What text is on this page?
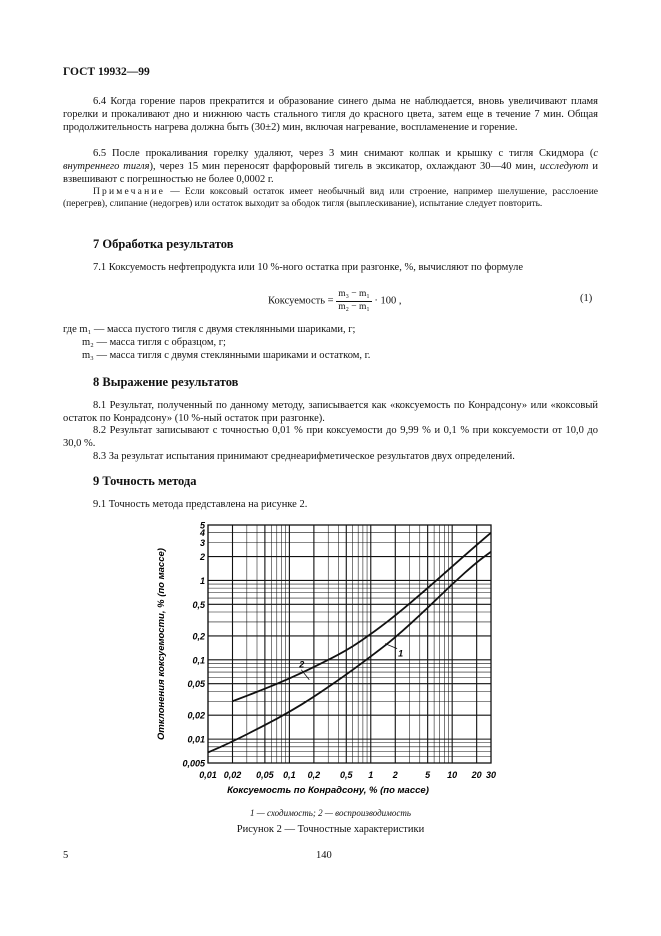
ГОСТ 19932—99
6.4 Когда горение паров прекратится и образование синего дыма не наблюдается, вновь увеличивают пламя горелки и прокаливают дно и нижнюю часть стального тигля до красного цвета, затем еще в течение 7 мин. Общая продолжительность нагрева должна быть (30±2) мин, включая нагревание, воспламенение и горение.
6.5 После прокаливания горелку удаляют, через 3 мин снимают колпак и крышку с тигля Скидмора (с внутреннего тигля), через 15 мин переносят фарфоровый тигель в эксикатор, охлаждают 30—40 мин, исследуют и взвешивают с погрешностью не более 0,0002 г.
Примечание — Если коксовый остаток имеет необычный вид или строение, например шелушение, расслоение (перегрев), слипание (недогрев) или остаток выходит за ободок тигля (выплескивание), испытание следует повторить.
7 Обработка результатов
7.1 Коксуемость нефтепродукта или 10 %-ного остатка при разгонке, %, вычисляют по формуле
Коксуемость = $\frac{\text{m₃ − m₁}}{\text{m₂ − m₁}} \cdot 100$ ,	(1)
где m₁ — масса пустого тигля с двумя стеклянными шариками, г;
m₂ — масса тигля с образцом, г;
m₃ — масса тигля с двумя стеклянными шариками и остатком, г.
8 Выражение результатов
8.1 Результат, полученный по данному методу, записывается как «коксуемость по Конрадсону» или «коксовый остаток по Конрадсону» (10 %-ный остаток при разгонке).
8.2 Результат записывают с точностью 0,01 % при коксуемости до 9,99 % и 0,1 % при коксуемости от 10,0 до 30,0 %.
8.3 За результат испытания принимают среднеарифметическое результатов двух определений.
9 Точность метода
9.1 Точность метода представлена на рисунке 2.
0,01 0,02 0,05 0,1 0,2 0,5 1 2	5 10 20 30
0,005
0,01
0,02
0,05
0,1
0,2
0,5
1
2
3
4
5
Коксуемость по Конрадсону, % (по массе)
Отклонения коксуемости, % (по массе)	1
2
1 — сходимость; 2 — воспроизводимость
Рисунок 2 — Точностные характеристики
5	140
